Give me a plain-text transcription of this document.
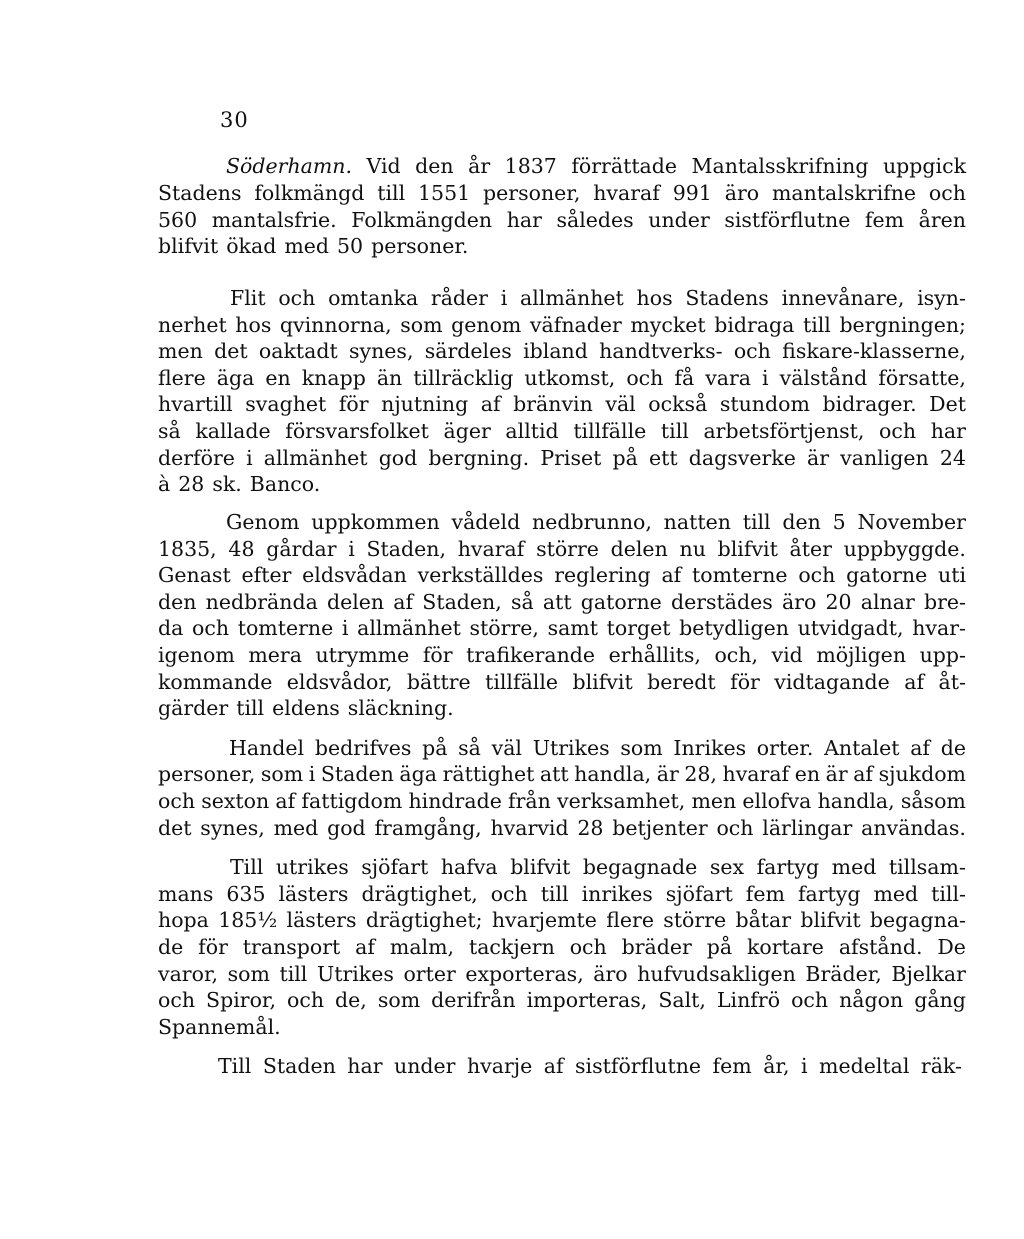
30
Söderhamn. Vid den år 1837 förrättade Mantalsskrifning uppgick
Stadens folkmängd till 1551 personer, hvaraf 991 äro mantalskrifne och
560 mantalsfrie. Folkmängden har således under sistförflutne fem åren
blifvit ökad med 50 personer.
Flit och omtanka råder i allmänhet hos Stadens innevånare, isyn-
nerhet hos qvinnorna, som genom väfnader mycket bidraga till bergningen;
men det oaktadt synes, särdeles ibland handtverks- och fiskare-klasserne,
flere äga en knapp än tillräcklig utkomst, och få vara i välstånd försatte,
hvartill svaghet för njutning af bränvin väl också stundom bidrager. Det
så kallade försvarsfolket äger alltid tillfälle till arbetsförtjenst, och har
derföre i allmänhet god bergning. Priset på ett dagsverke är vanligen 24
à 28 sk. Banco.
Genom uppkommen vådeld nedbrunno, natten till den 5 November
1835, 48 gårdar i Staden, hvaraf större delen nu blifvit åter uppbyggde.
Genast efter eldsvådan verkställdes reglering af tomterne och gatorne uti
den nedbrända delen af Staden, så att gatorne derstädes äro 20 alnar bre-
da och tomterne i allmänhet större, samt torget betydligen utvidgadt, hvar-
igenom mera utrymme för trafikerande erhållits, och, vid möjligen upp-
kommande eldsvådor, bättre tillfälle blifvit beredt för vidtagande af åt-
gärder till eldens släckning.
Handel bedrifves på så väl Utrikes som Inrikes orter. Antalet af de
personer, som i Staden äga rättighet att handla, är 28, hvaraf en är af sjukdom
och sexton af fattigdom hindrade från verksamhet, men ellofva handla, såsom
det synes, med god framgång, hvarvid 28 betjenter och lärlingar användas.
Till utrikes sjöfart hafva blifvit begagnade sex fartyg med tillsam-
mans 635 lästers drägtighet, och till inrikes sjöfart fem fartyg med till-
hopa 185½ lästers drägtighet; hvarjemte flere större båtar blifvit begagna-
de för transport af malm, tackjern och bräder på kortare afstånd. De
varor, som till Utrikes orter exporteras, äro hufvudsakligen Bräder, Bjelkar
och Spiror, och de, som derifrån importeras, Salt, Linfrö och någon gång
Spannemål.
Till Staden har under hvarje af sistförflutne fem år, i medeltal räk-
